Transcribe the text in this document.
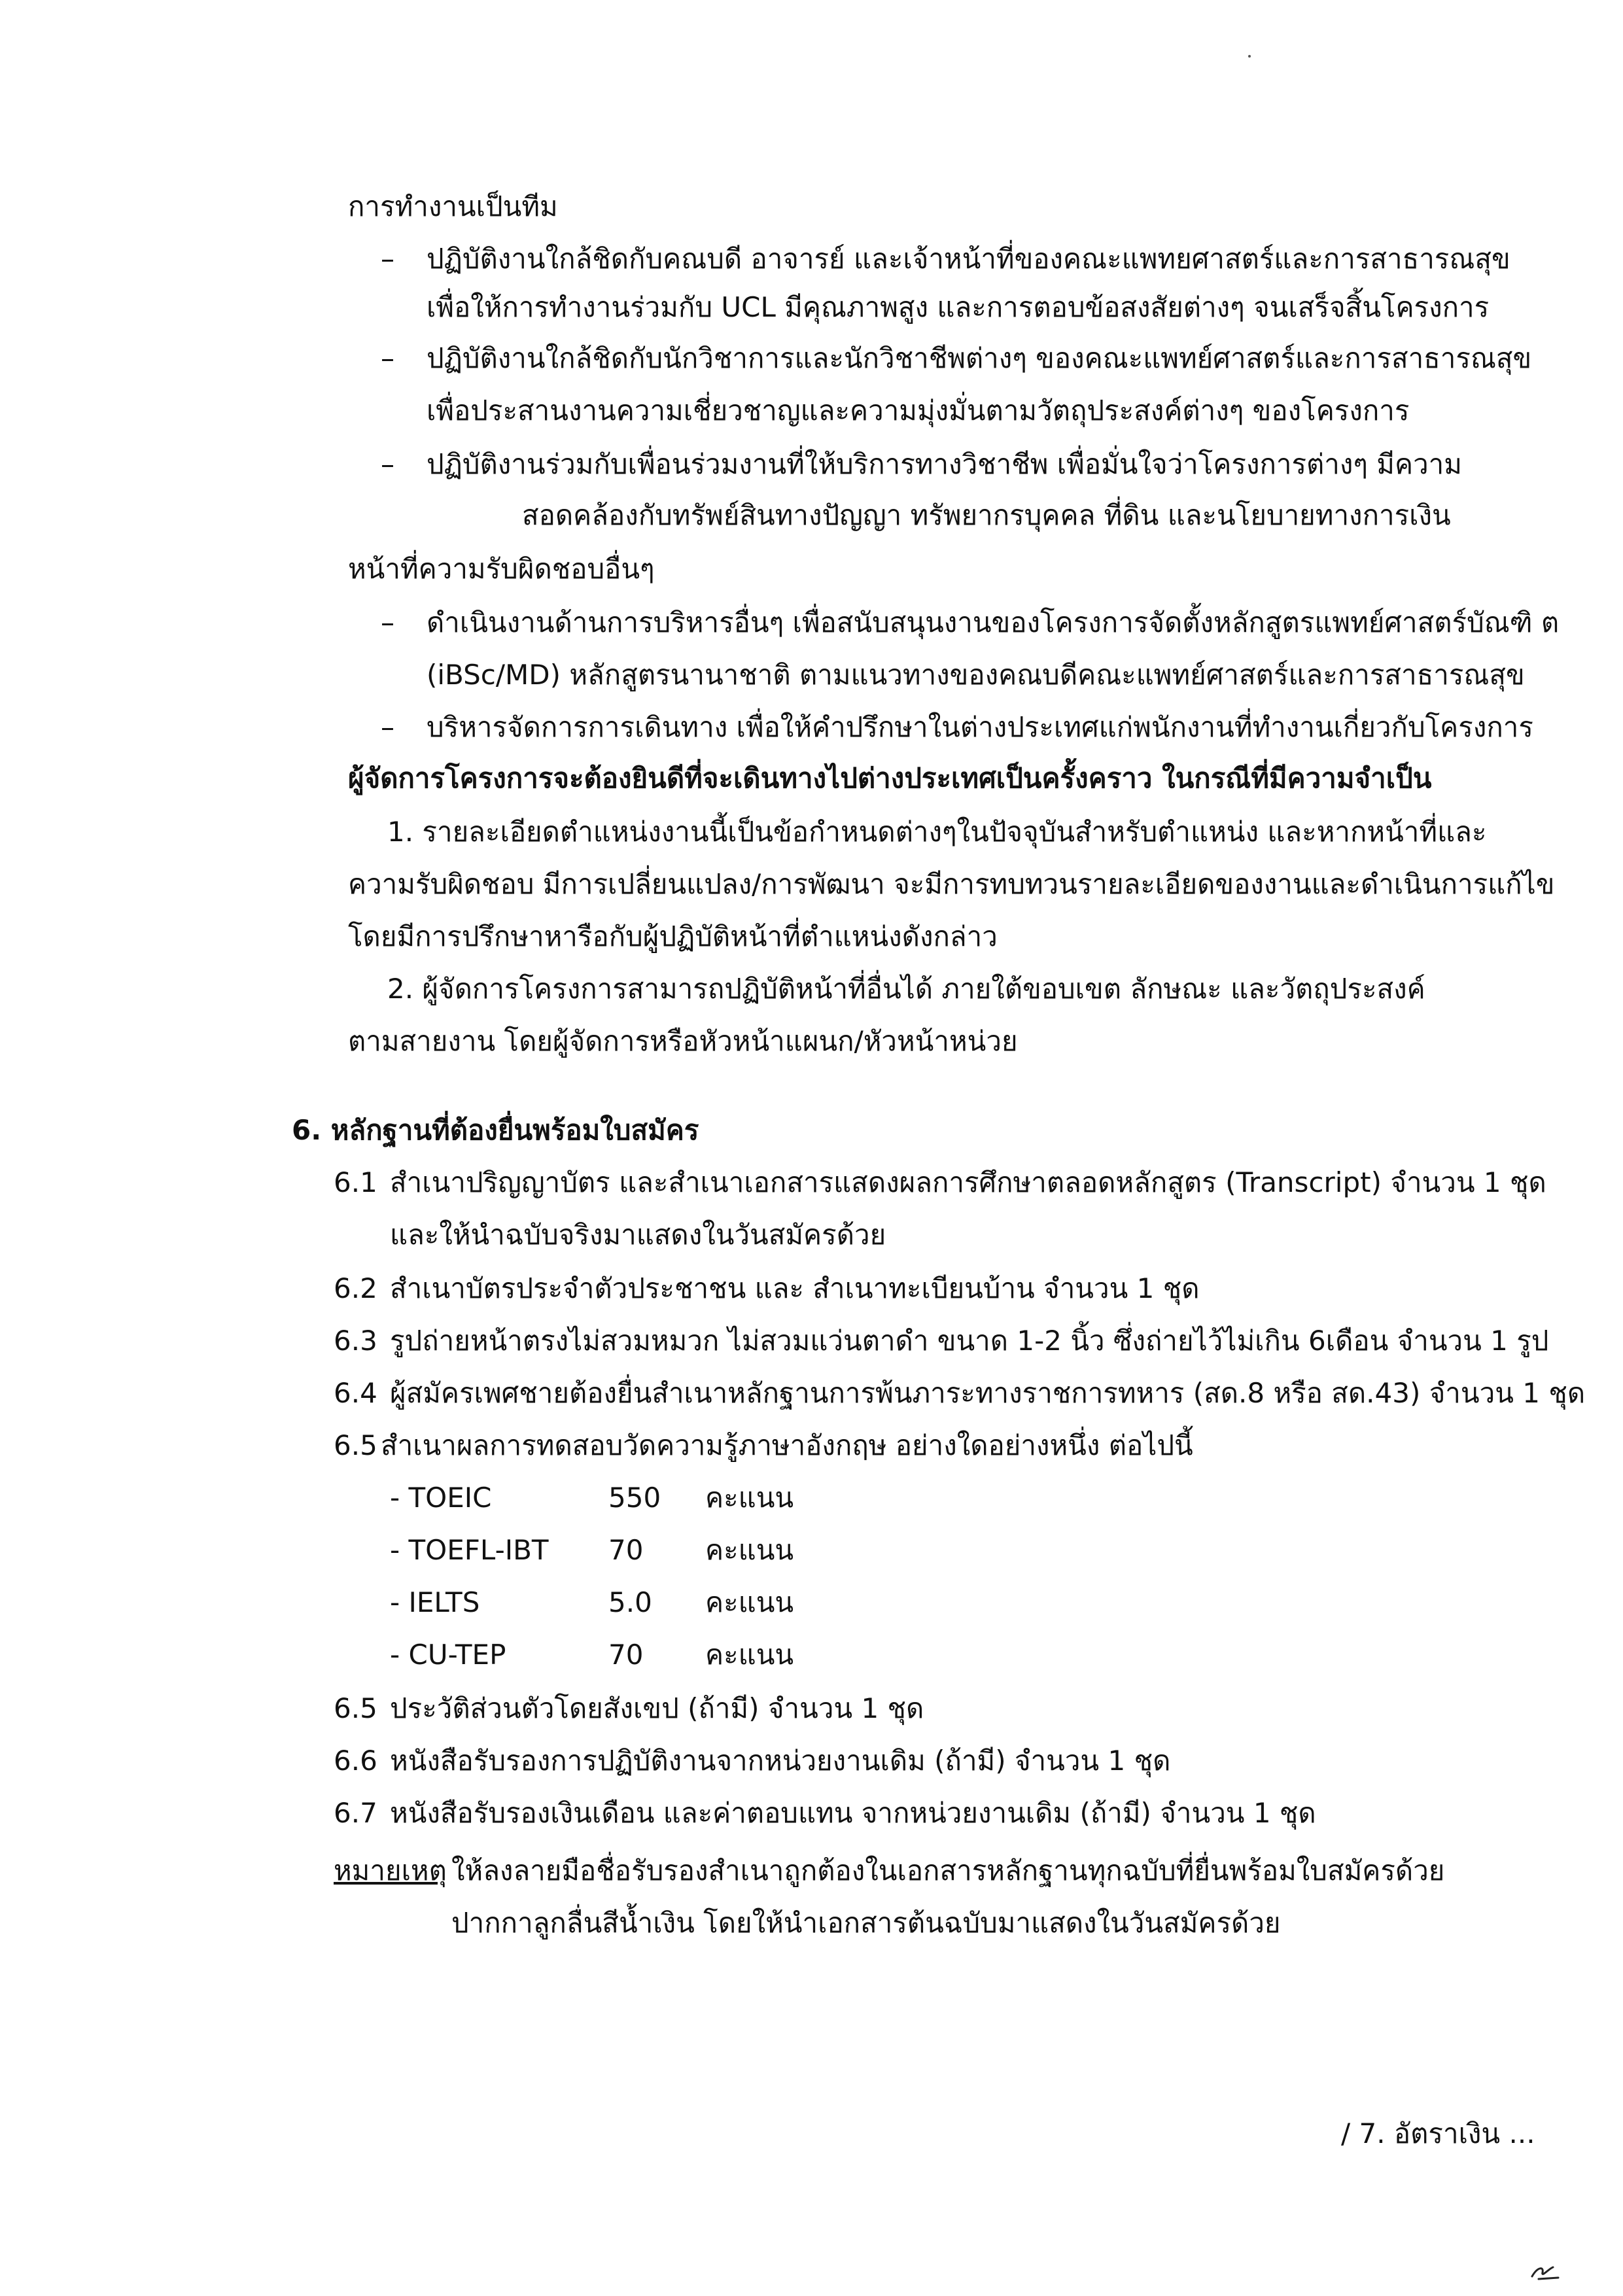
การทำงานเป็นทีม
– ปฏิบัติงานใกล้ชิดกับคณบดี อาจารย์ และเจ้าหน้าที่ของคณะแพทยศาสตร์และการสาธารณสุข
เพื่อให้การทำงานร่วมกับ UCL มีคุณภาพสูง และการตอบข้อสงสัยต่างๆ จนเสร็จสิ้นโครงการ
– ปฏิบัติงานใกล้ชิดกับนักวิชาการและนักวิชาชีพต่างๆ ของคณะแพทย์ศาสตร์และการสาธารณสุข
เพื่อประสานงานความเชี่ยวชาญและความมุ่งมั่นตามวัตถุประสงค์ต่างๆ ของโครงการ
– ปฏิบัติงานร่วมกับเพื่อนร่วมงานที่ให้บริการทางวิชาชีพ เพื่อมั่นใจว่าโครงการต่างๆ มีความ
สอดคล้องกับทรัพย์สินทางปัญญา ทรัพยากรบุคคล ที่ดิน และนโยบายทางการเงิน
หน้าที่ความรับผิดชอบอื่นๆ
– ดำเนินงานด้านการบริหารอื่นๆ เพื่อสนับสนุนงานของโครงการจัดตั้งหลักสูตรแพทย์ศาสตร์บัณฑิ ต
(iBSc/MD) หลักสูตรนานาชาติ ตามแนวทางของคณบดีคณะแพทย์ศาสตร์และการสาธารณสุข
– บริหารจัดการการเดินทาง เพื่อให้คำปรึกษาในต่างประเทศแก่พนักงานที่ทำงานเกี่ยวกับโครงการ
ผู้จัดการโครงการจะต้องยินดีที่จะเดินทางไปต่างประเทศเป็นครั้งคราว ในกรณีที่มีความจำเป็น
1. รายละเอียดตำแหน่งงานนี้เป็นข้อกำหนดต่างๆในปัจจุบันสำหรับตำแหน่ง และหากหน้าที่และ
ความรับผิดชอบ มีการเปลี่ยนแปลง/การพัฒนา จะมีการทบทวนรายละเอียดของงานและดำเนินการแก้ไข
โดยมีการปรึกษาหารือกับผู้ปฏิบัติหน้าที่ตำแหน่งดังกล่าว
2. ผู้จัดการโครงการสามารถปฏิบัติหน้าที่อื่นได้ ภายใต้ขอบเขต ลักษณะ และวัตถุประสงค์
ตามสายงาน โดยผู้จัดการหรือหัวหน้าแผนก/หัวหน้าหน่วย
6. หลักฐานที่ต้องยื่นพร้อมใบสมัคร
6.1 สำเนาปริญญาบัตร และสำเนาเอกสารแสดงผลการศึกษาตลอดหลักสูตร (Transcript) จำนวน 1 ชุด
และให้นำฉบับจริงมาแสดงในวันสมัครด้วย
6.2 สำเนาบัตรประจำตัวประชาชน และ สำเนาทะเบียนบ้าน จำนวน 1 ชุด
6.3 รูปถ่ายหน้าตรงไม่สวมหมวก ไม่สวมแว่นตาดำ ขนาด 1-2 นิ้ว ซึ่งถ่ายไว้ไม่เกิน 6เดือน จำนวน 1 รูป
6.4 ผู้สมัครเพศชายต้องยื่นสำเนาหลักฐานการพ้นภาระทางราชการทหาร (สด.8 หรือ สด.43) จำนวน 1 ชุด
6.5 สำเนาผลการทดสอบวัดความรู้ภาษาอังกฤษ อย่างใดอย่างหนึ่ง ต่อไปนี้
- TOEIC	550 คะแนน
- TOEFL-IBT 70 คะแนน
- IELTS	5.0 คะแนน
- CU-TEP	70 คะแนน
6.5 ประวัติส่วนตัวโดยสังเขป (ถ้ามี) จำนวน 1 ชุด
6.6 หนังสือรับรองการปฏิบัติงานจากหน่วยงานเดิม (ถ้ามี) จำนวน 1 ชุด
6.7 หนังสือรับรองเงินเดือน และค่าตอบแทน จากหน่วยงานเดิม (ถ้ามี) จำนวน 1 ชุด
หมายเหตุ ให้ลงลายมือชื่อรับรองสำเนาถูกต้องในเอกสารหลักฐานทุกฉบับที่ยื่นพร้อมใบสมัครด้วย
ปากกาลูกลื่นสีน้ำเงิน โดยให้นำเอกสารต้นฉบับมาแสดงในวันสมัครด้วย
/ 7. อัตราเงิน ...
